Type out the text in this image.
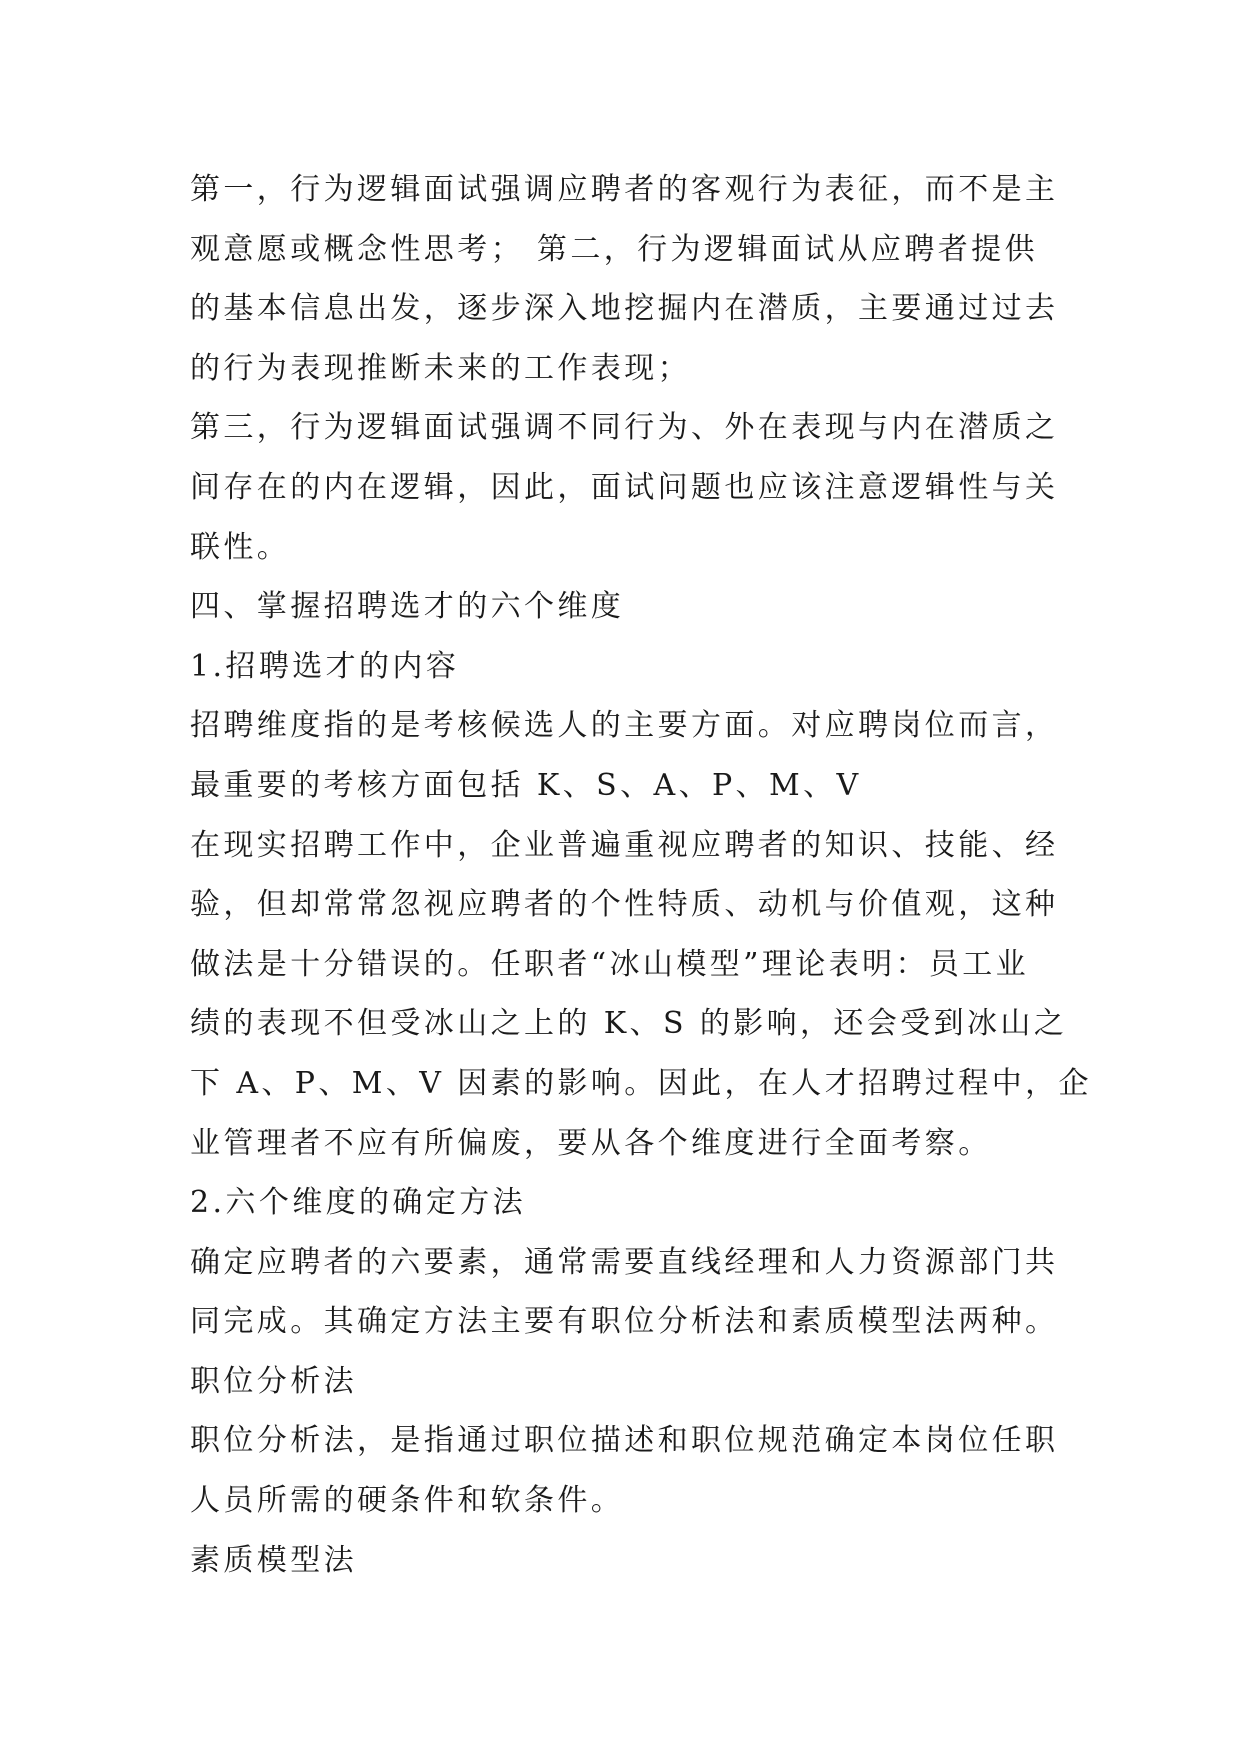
第一，行为逻辑面试强调应聘者的客观行为表征，而不是主
观意愿或概念性思考； 第二，行为逻辑面试从应聘者提供
的基本信息出发，逐步深入地挖掘内在潜质，主要通过过去
的行为表现推断未来的工作表现；
第三，行为逻辑面试强调不同行为、外在表现与内在潜质之
间存在的内在逻辑，因此，面试问题也应该注意逻辑性与关
联性。
四、掌握招聘选才的六个维度
1.招聘选才的内容
招聘维度指的是考核候选人的主要方面。对应聘岗位而言，
最重要的考核方面包括 K、S、A、P、M、V
在现实招聘工作中，企业普遍重视应聘者的知识、技能、经
验，但却常常忽视应聘者的个性特质、动机与价值观，这种
做法是十分错误的。任职者“冰山模型”理论表明：员工业
绩的表现不但受冰山之上的 K、S 的影响，还会受到冰山之
下 A、P、M、V 因素的影响。因此，在人才招聘过程中，企
业管理者不应有所偏废，要从各个维度进行全面考察。
2.六个维度的确定方法
确定应聘者的六要素，通常需要直线经理和人力资源部门共
同完成。其确定方法主要有职位分析法和素质模型法两种。
职位分析法
职位分析法，是指通过职位描述和职位规范确定本岗位任职
人员所需的硬条件和软条件。
素质模型法
